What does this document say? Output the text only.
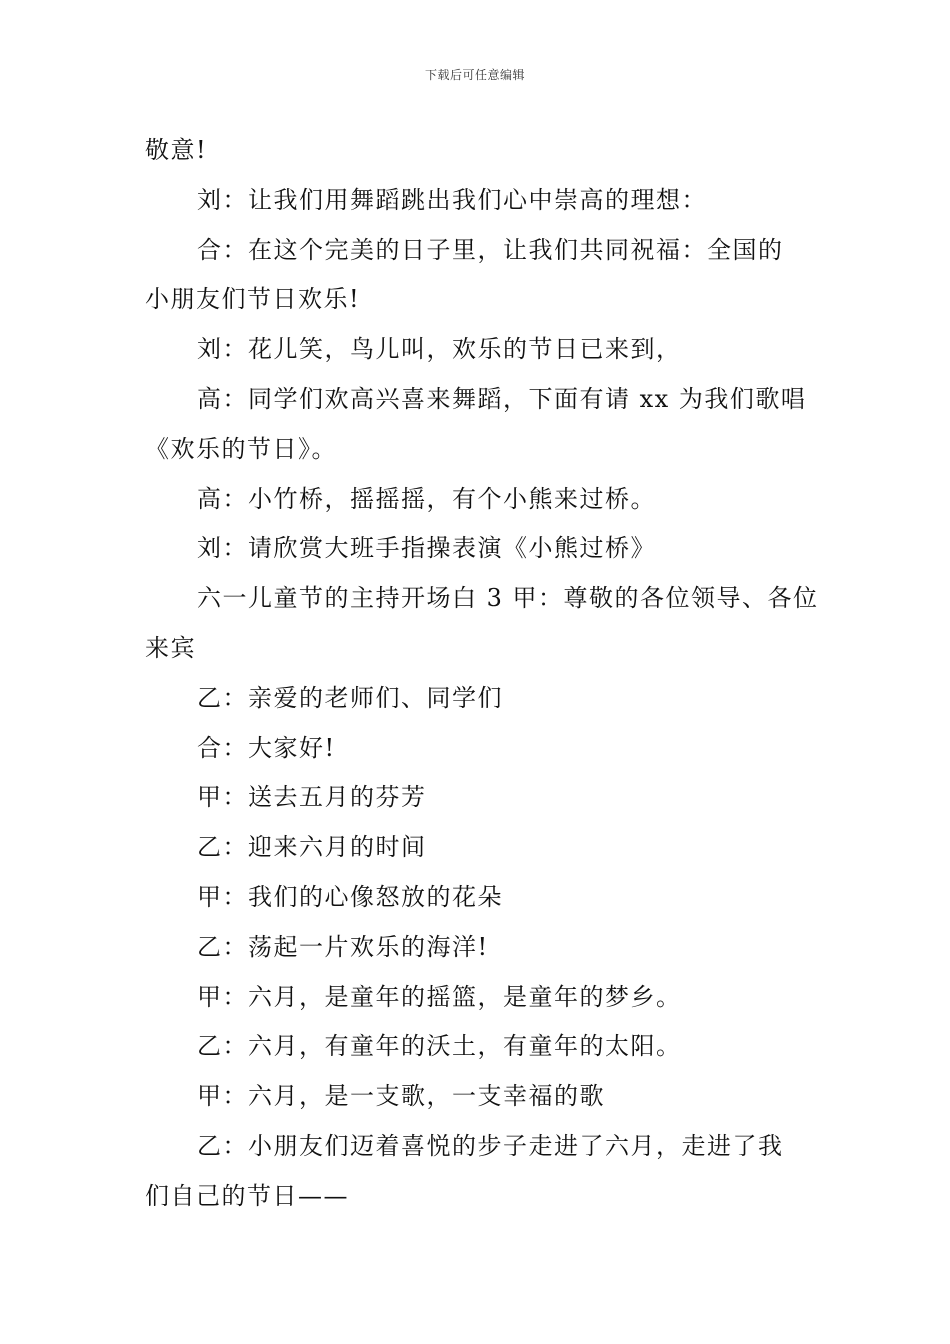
下载后可任意编辑
敬意!
刘：让我们用舞蹈跳出我们心中崇高的理想：
合：在这个完美的日子里，让我们共同祝福：全国的
小朋友们节日欢乐!
刘：花儿笑，鸟儿叫，欢乐的节日已来到，
高：同学们欢高兴喜来舞蹈，下面有请 xx 为我们歌唱
《欢乐的节日》。
高：小竹桥，摇摇摇，有个小熊来过桥。
刘：请欣赏大班手指操表演《小熊过桥》
六一儿童节的主持开场白 3 甲：尊敬的各位领导、各位
来宾
乙：亲爱的老师们、同学们
合：大家好!
甲：送去五月的芬芳
乙：迎来六月的时间
甲：我们的心像怒放的花朵
乙：荡起一片欢乐的海洋!
甲：六月，是童年的摇篮，是童年的梦乡。
乙：六月，有童年的沃土，有童年的太阳。
甲：六月，是一支歌，一支幸福的歌
乙：小朋友们迈着喜悦的步子走进了六月，走进了我
们自己的节日——
